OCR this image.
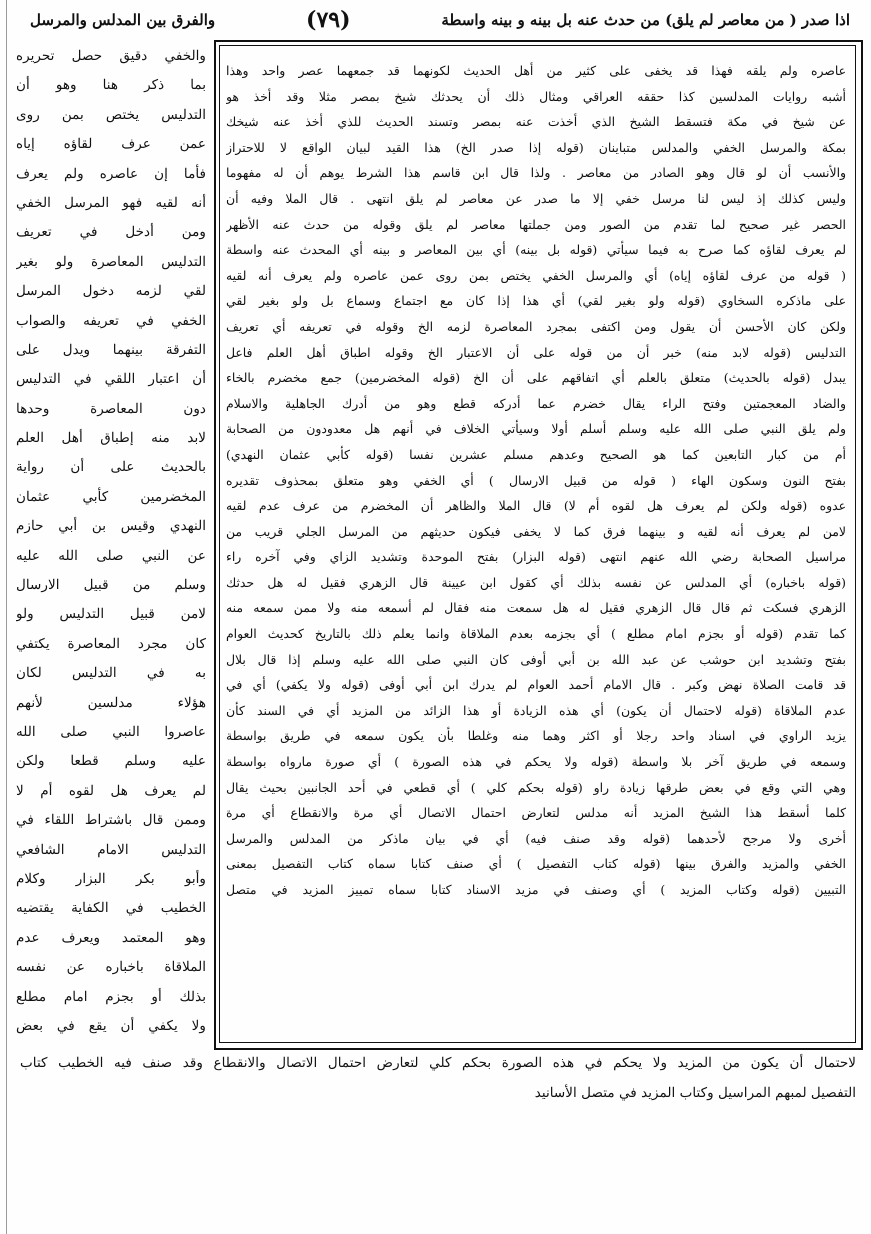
اذا صدر ( من معاصر لم يلق) من حدث عنه بل بينه و بينه واسطة
(٧٩)
والفرق بين المدلس والمرسل
عاصره ولم يلقه فهذا قد يخفى على كثير من أهل الحديث لكونهما قد جمعهما عصر واحد وهذا
أشبه روايات المدلسين كذا حققه العراقي ومثال ذلك أن يحدثك شيخ بمصر مثلا وقد أخذ هو
عن شيخ في مكة فتسقط الشيخ الذي أخذت عنه بمصر وتسند الحديث للذي أخذ عنه شيخك
بمكة والمرسل الخفي والمدلس متباينان (قوله إذا صدر الخ) هذا القيد لبيان الواقع لا للاحتراز
والأنسب أن لو قال وهو الصادر من معاصر . ولذا قال ابن قاسم هذا الشرط يوهم أن له مفهوما
وليس كذلك إذ ليس لنا مرسل خفي إلا ما صدر عن معاصر لم يلق انتهى . قال الملا وفيه أن
الحصر غير صحيح لما تقدم من الصور ومن جملتها معاصر لم يلق وقوله من حدث عنه الأظهر
لم يعرف لقاؤه كما صرح به فيما سيأتي (قوله بل بينه) أي بين المعاصر و بينه أي المحدث عنه واسطة
( قوله من عرف لقاؤه إياه) أي والمرسل الخفي يختص بمن روى عمن عاصره ولم يعرف أنه لقيه
على ماذكره السخاوي (قوله ولو بغير لقي) أي هذا إذا كان مع اجتماع وسماع بل ولو بغير لقي
ولكن كان الأحسن أن يقول ومن اكتفى بمجرد المعاصرة لزمه الخ وقوله في تعريفه أي تعريف
التدليس (قوله لابد منه) خبر أن من قوله على أن الاعتبار الخ وقوله اطباق أهل العلم فاعل
يبدل (قوله بالحديث) متعلق بالعلم أي اتفاقهم على أن الخ (قوله المخضرمين) جمع مخضرم بالخاء
والضاد المعجمتين وفتح الراء يقال خضرم عما أدركه قطع وهو من أدرك الجاهلية والاسلام
ولم يلق النبي صلى الله عليه وسلم أسلم أولا وسيأتي الخلاف في أنهم هل معدودون من الصحابة
أم من كبار التابعين كما هو الصحيح وعدهم مسلم عشرين نفسا (قوله كأبي عثمان النهدي)
بفتح النون وسكون الهاء ( قوله من قبيل الارسال ) أي الخفي وهو متعلق بمحذوف تقديره
عدوه (قوله ولكن لم يعرف هل لقوه أم لا) قال الملا والظاهر أن المخضرم من عرف عدم لقيه
لامن لم يعرف أنه لقيه و بينهما فرق كما لا يخفى فيكون حديثهم من المرسل الجلي قريب من
مراسيل الصحابة رضي الله عنهم انتهى (قوله البزار) بفتح الموحدة وتشديد الزاي وفي آخره راء
(قوله باخباره) أي المدلس عن نفسه بذلك أي كقول ابن عيينة قال الزهري فقيل له هل حدثك
الزهري فسكت ثم قال قال الزهري فقيل له هل سمعت منه فقال لم أسمعه منه ولا ممن سمعه منه
كما تقدم (قوله أو بجزم امام مطلع ) أي بجزمه بعدم الملاقاة وانما يعلم ذلك بالتاريخ كحديث العوام
بفتح وتشديد ابن حوشب عن عبد الله بن أبي أوفى كان النبي صلى الله عليه وسلم إذا قال بلال
قد قامت الصلاة نهض وكبر . قال الامام أحمد العوام لم يدرك ابن أبي أوفى (قوله ولا يكفي) أي في
عدم الملاقاة (قوله لاحتمال أن يكون) أي هذه الزيادة أو هذا الزائد من المزيد أي في السند كأن
يزيد الراوي في اسناد واحد رجلا أو اكثر وهما منه وغلطا بأن يكون سمعه في طريق بواسطة
وسمعه في طريق آخر بلا واسطة (قوله ولا يحكم في هذه الصورة ) أي صورة مارواه بواسطة
وهي التي وقع في بعض طرقها زيادة راو (قوله بحكم كلي ) أي قطعي في أحد الجانبين بحيث يقال
كلما أسقط هذا الشيخ المزيد أنه مدلس لتعارض احتمال الاتصال أي مرة والانقطاع أي مرة
أخرى ولا مرجح لأحدهما (قوله وقد صنف فيه) أي في بيان ماذكر من المدلس والمرسل
الخفي والمزيد والفرق بينها (قوله كتاب التفصيل ) أي صنف كتابا سماه كتاب التفصيل بمعنى
التبيين (قوله وكتاب المزيد ) أي وصنف في مزيد الاسناد كتابا سماه تمييز المزيد في متصل
والخفي دقيق حصل تحريره
بما ذكر هنا وهو أن
التدليس يختص بمن روى
عمن عرف لقاؤه إياه
فأما إن عاصره ولم يعرف
أنه لقيه فهو المرسل الخفي
ومن أدخل في تعريف
التدليس المعاصرة ولو بغير
لقي لزمه دخول المرسل
الخفي في تعريفه والصواب
التفرقة بينهما ويدل على
أن اعتبار اللقي في التدليس
دون المعاصرة وحدها
لابد منه إطباق أهل العلم
بالحديث على أن رواية
المخضرمين كأبي عثمان
النهدي وقيس بن أبي حازم
عن النبي صلى الله عليه
وسلم من قبيل الارسال
لامن قبيل التدليس ولو
كان مجرد المعاصرة يكتفي
به في التدليس لكان
هؤلاء مدلسين لأنهم
عاصروا النبي صلى الله
عليه وسلم قطعا ولكن
لم يعرف هل لقوه أم لا
وممن قال باشتراط اللقاء في
التدليس الامام الشافعي
وأبو بكر البزار وكلام
الخطيب في الكفاية يقتضيه
وهو المعتمد ويعرف عدم
الملاقاة باخباره عن نفسه
بذلك أو بجزم امام مطلع
ولا يكفي أن يقع في بعض
لاحتمال أن يكون من المزيد ولا يحكم في هذه الصورة بحكم كلي لتعارض احتمال الاتصال والانقطاع وقد صنف فيه الخطيب كتاب
التفصيل لمبهم المراسيل وكتاب المزيد في متصل الأسانيد
